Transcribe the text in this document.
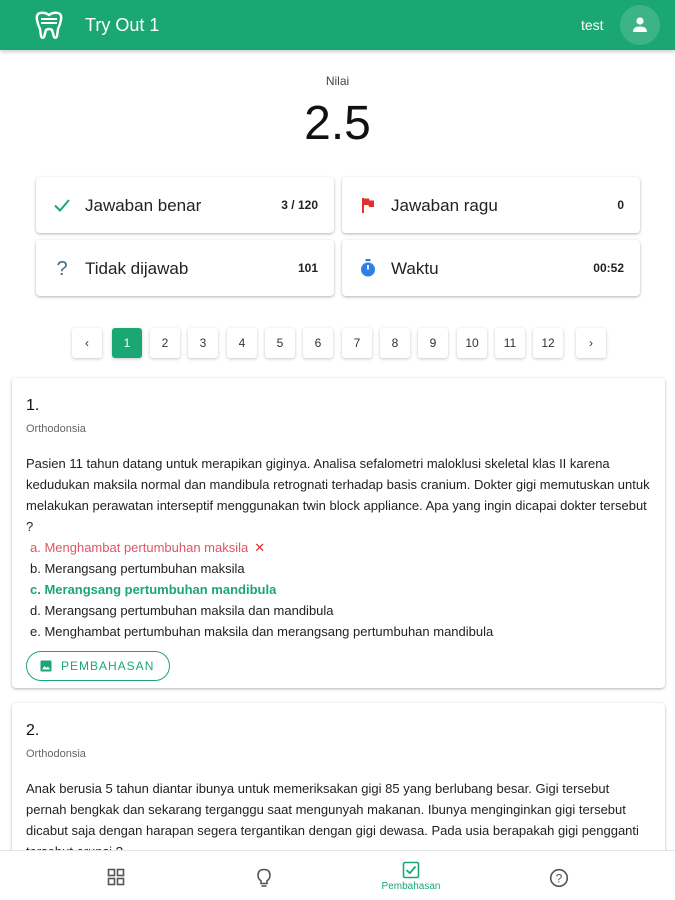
Try Out 1	test
Nilai
2.5
Jawaban benar	3 / 120	Jawaban ragu	0
? Tidak dijawab	101	Waktu	00:52
‹	1	2	3	4	5	6	7	8	9	10	11	12	›
1.
Orthodonsia
Pasien 11 tahun datang untuk merapikan giginya. Analisa sefalometri maloklusi skeletal klas II karena kedudukan maksila normal dan mandibula retrognati terhadap basis cranium. Dokter gigi memutuskan untuk melakukan perawatan interseptif menggunakan twin block appliance. Apa yang ingin dicapai dokter tersebut ?
a. Menghambat pertumbuhan maksila ✕
b. Merangsang pertumbuhan maksila
c. Merangsang pertumbuhan mandibula
d. Merangsang pertumbuhan maksila dan mandibula
e. Menghambat pertumbuhan maksila dan merangsang pertumbuhan mandibula
PEMBAHASAN
2.
Orthodonsia
Anak berusia 5 tahun diantar ibunya untuk memeriksakan gigi 85 yang berlubang besar. Gigi tersebut pernah bengkak dan sekarang terganggu saat mengunyah makanan. Ibunya menginginkan gigi tersebut dicabut saja dengan harapan segera tergantikan dengan gigi dewasa. Pada usia berapakah gigi pengganti
Pembahasan
?
